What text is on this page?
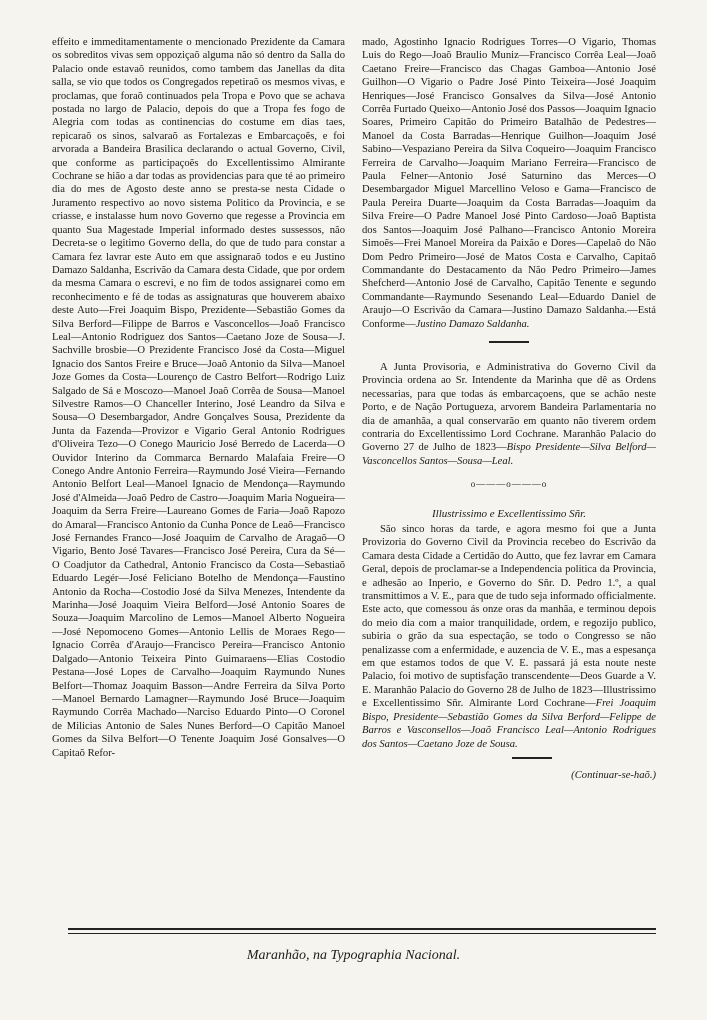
effeito e immeditamentamente o mencionado Prezidente da Camara os sobreditos vivas sem oppoziçaõ alguma não só dentro da Salla do Palacio onde estavaõ reunidos, como tambem das Janellas da dita salla, se vio que todos os Congregados repetiraõ os mesmos vivas, e proclamas, que foraõ continuados pela Tropa e Povo que se achava postada no largo de Palacio, depois do que a Tropa fes fogo de Alegria com todas as continencias do costume em dias taes, repicaraõ os sinos, salvaraõ as Fortalezas e Embarcaçoẽs, e foi arvorada a Bandeira Brasilica declarando o actual Governo, Civil, que conforme as participaçoẽs do Excellentissimo Almirante Cochrane se hião a dar todas as providencias para que té ao primeiro dia do mes de Agosto deste anno se presta-se nesta Cidade o Juramento respectivo ao novo sistema Politico da Provincia, e se criasse, e instalasse hum novo Governo que regesse a Provincia em quanto Sua Magestade Imperial informado destes sussessos, não Decreta-se o legitimo Governo della, do que de tudo para constar a Camara fez lavrar este Auto em que assignaraõ todos e eu Justino Damazo Saldanha, Escrivão da Camara desta Cidade, que por ordem da mesma Camara o escrevi, e no fim de todos assignarei como em reconhecimento e fé de todas as assignaturas que houverem abaixo deste Auto—Frei Joaquim Bispo, Prezidente—Sebastião Gomes da Silva Berford—Filippe de Barros e Vasconcellos—Joaõ Francisco Leal—Antonio Rodriguez dos Santos—Caetano Joze de Sousa—J. Sachville brosbie—O Prezidente Francisco José da Costa—Miguel Ignacio dos Santos Freire e Bruce—Joaõ Antonio da Silva—Manoel Joze Gomes da Costa—Lourenço de Castro Belfort—Rodrigo Luiz Salgado de Sá e Moscozo—Manoel Joaõ Corrêa de Sousa—Manoel Silvestre Ramos—O Chanceller Interino, José Leandro da Silva e Sousa—O Desembargador, Andre Gonçalves Sousa, Prezidente da Junta da Fazenda—Provizor e Vigario Geral Antonio Rodrigues d'Oliveira Tezo—O Conego Mauricio José Berredo de Lacerda—O Ouvidor Interino da Commarca Bernardo Malafaia Freire—O Conego Andre Antonio Ferreira—Raymundo José Vieira—Fernando Antonio Belfort Leal—Manoel Ignacio de Mendonça—Raymundo José d'Almeida—Joaõ Pedro de Castro—Joaquim Maria Nogueira—Joaquim da Serra Freire—Laureano Gomes de Faria—Joaõ Rapozo do Amaral—Francisco Antonio da Cunha Ponce de Leaõ—Francisco José Fernandes Franco—José Joaquim de Carvalho de Aragaõ—O Vigario, Bento José Tavares—Francisco José Pereira, Cura da Sé—O Coadjutor da Cathedral, Antonio Francisco da Costa—Sebastiaõ Eduardo Legér—José Feliciano Botelho de Mendonça—Faustino Antonio da Rocha—Costodio José da Silva Menezes, Intendente da Marinha—José Joaquim Vieira Belford—José Antonio Soares de Souza—Joaquim Marcolino de Lemos—Manoel Alberto Nogueira—José Nepomoceno Gomes—Antonio Lellis de Moraes Rego—Ignacio Corrêa d'Araujo—Francisco Pereira—Francisco Antonio Dalgado—Antonio Teixeira Pinto Guimaraens—Elias Costodio Pestana—José Lopes de Carvalho—Joaquim Raymundo Nunes Belfort—Thomaz Joaquim Basson—Andre Ferreira da Silva Porto—Manoel Bernardo Lamagner—Raymundo José Bruce—Joaquim Raymundo Corrêa Machado—Narciso Eduardo Pinto—O Coronel de Milicias Antonio de Sales Nunes Berford—O Capitão Manoel Gomes da Silva Belfort—O Tenente Joaquim José Gonsalves—O Capitaõ Refor-

mado, Agostinho Ignacio Rodrigues Torres—O Vigario, Thomas Luis do Rego—Joaõ Braulio Muniz—Francisco Corrêa Leal—Joaõ Caetano Freire—Francisco das Chagas Gamboa—Antonio José Guilhon—O Vigario o Padre José Pinto Teixeira—José Joaquim Henriques—José Francisco Gonsalves da Silva—José Antonio Corrêa Furtado Queixo—Antonio José dos Passos—Joaquim Ignacio Soares, Primeiro Capitão do Primeiro Batalhão de Pedestres—Manoel da Costa Barradas—Henrique Guilhon—Joaquim José Sabino—Vespaziano Pereira da Silva Coqueiro—Joaquim Francisco Ferreira de Carvalho—Joaquim Mariano Ferreira—Francisco de Paula Felner—Antonio José Saturnino das Merces—O Desembargador Miguel Marcellino Veloso e Gama—Francisco de Paula Pereira Duarte—Joaquim da Costa Barradas—Joaquim da Silva Freire—O Padre Manoel José Pinto Cardoso—Joaõ Baptista dos Santos—Joaquim José Palhano—Francisco Antonio Moreira Simoẽs—Frei Manoel Moreira da Paixão e Dores—Capelaõ do Não Dom Pedro Primeiro—José de Matos Costa e Carvalho, Capitaõ Commandante do Destacamento da Não Pedro Primeiro—James Shefcherd—Antonio José de Carvalho, Capitão Tenente e segundo Commandante—Raymundo Sesenando Leal—Eduardo Daniel de Araujo—O Escrivão da Camara—Justino Damazo Saldanha.—Está Conforme—Justino Damazo Saldanha.

A Junta Provisoria, e Administrativa do Governo Civil da Provincia ordena ao Sr. Intendente da Marinha que dê as Ordens necessarias, para que todas ás embarcaçoens, que se achão neste Porto, e de Nação Portugueza, arvorem Bandeira Parlamentaria no dia de amanhãa, a qual conservarão em quanto não tiverem ordem contraria do Excellentissimo Lord Cochrane. Maranhão Palacio do Governo 27 de Julho de 1823—Bispo Presidente—Silva Belford—Vasconcellos Santos—Sousa—Leal.

o———o———o
Illustrissimo e Excellentissimo Sñr.

São sinco horas da tarde, e agora mesmo foi que a Junta Provizoria do Governo Civil da Provincia recebeo do Escrivão da Camara desta Cidade a Certidão do Autto, que fez lavrar em Camara Geral, depois de proclamar-se a Independencia politica da Provincia, e adhesão ao Inperio, e Governo do Sñr. D. Pedro 1.º, a qual transmittimos a V. E., para que de tudo seja informado officialmente. Este acto, que comessou ás onze oras da manhãa, e terminou depois do meio dia com a maior tranquilidade, ordem, e regozijo publico, subiria o grão da sua espectação, se todo o Congresso se não penalizasse com a enfermidade, e auzencia de V. E., mas a espesança em que estamos todos de que V. E. passará já esta noute neste Palacio, foi motivo de suptisfação transcendente—Deos Guarde a V. E. Maranhão Palacio do Governo 28 de Julho de 1823—Illustrissimo e Excellentissimo Sñr. Almirante Lord Cochrane—Frei Joaquim Bispo, Presidente—Sebastião Gomes da Silva Berford—Felippe de Barros e Vasconsellos—Joaõ Francisco Leal—Antonio Rodrigues dos Santos—Caetano Joze de Sousa.

(Continuar-se-haõ.)
Maranhão, na Typographia Nacional.
